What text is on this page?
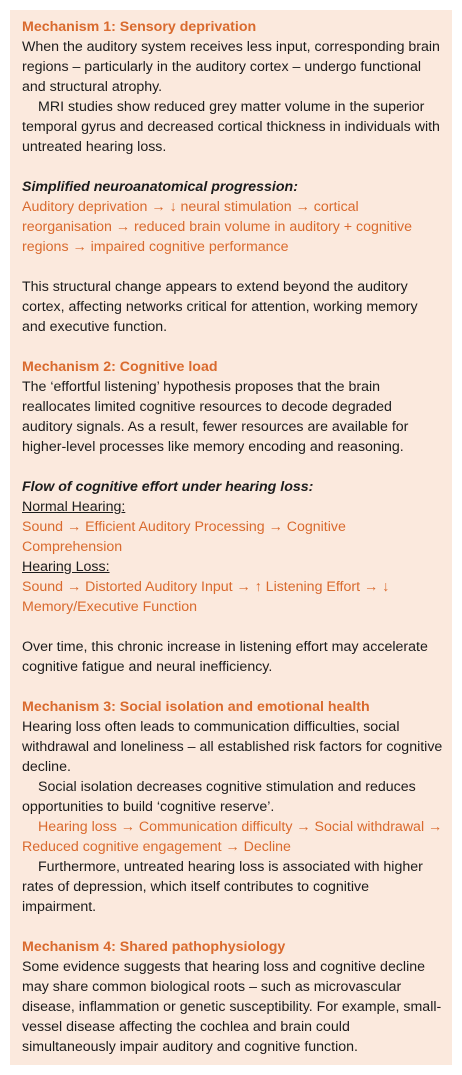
Mechanism 1: Sensory deprivation

When the auditory system receives less input, corresponding brain regions – particularly in the auditory cortex – undergo functional and structural atrophy.

MRI studies show reduced grey matter volume in the superior temporal gyrus and decreased cortical thickness in individuals with untreated hearing loss.

Simplified neuroanatomical progression:

Auditory deprivation → ↓ neural stimulation → cortical reorganisation → reduced brain volume in auditory + cognitive regions → impaired cognitive performance

This structural change appears to extend beyond the auditory cortex, affecting networks critical for attention, working memory and executive function.

Mechanism 2: Cognitive load

The ‘effortful listening’ hypothesis proposes that the brain reallocates limited cognitive resources to decode degraded auditory signals. As a result, fewer resources are available for higher-level processes like memory encoding and reasoning.

Flow of cognitive effort under hearing loss:

Normal Hearing:

Sound → Efficient Auditory Processing → Cognitive Comprehension

Hearing Loss:

Sound → Distorted Auditory Input → ↑ Listening Effort → ↓ Memory/Executive Function

Over time, this chronic increase in listening effort may accelerate cognitive fatigue and neural inefficiency.

Mechanism 3: Social isolation and emotional health

Hearing loss often leads to communication difficulties, social withdrawal and loneliness – all established risk factors for cognitive decline.

Social isolation decreases cognitive stimulation and reduces opportunities to build ‘cognitive reserve’.

Hearing loss → Communication difficulty → Social withdrawal → Reduced cognitive engagement → Decline

Furthermore, untreated hearing loss is associated with higher rates of depression, which itself contributes to cognitive impairment.

Mechanism 4: Shared pathophysiology

Some evidence suggests that hearing loss and cognitive decline may share common biological roots – such as microvascular disease, inflammation or genetic susceptibility. For example, small-vessel disease affecting the cochlea and brain could simultaneously impair auditory and cognitive function.
